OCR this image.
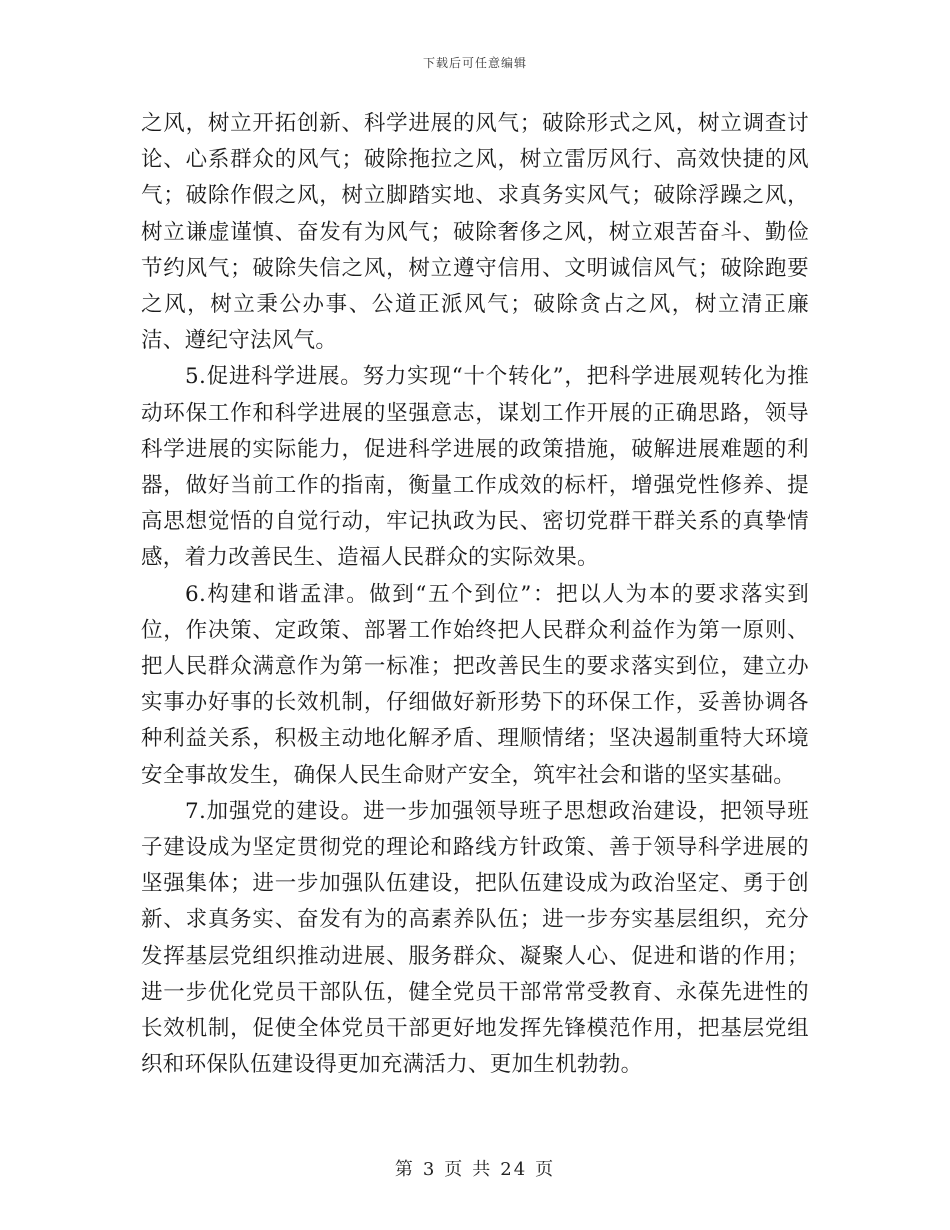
下载后可任意编辑

之风，树立开拓创新、科学进展的风气；破除形式之风，树立调查讨论、心系群众的风气；破除拖拉之风，树立雷厉风行、高效快捷的风气；破除作假之风，树立脚踏实地、求真务实风气；破除浮躁之风，树立谦虚谨慎、奋发有为风气；破除奢侈之风，树立艰苦奋斗、勤俭节约风气；破除失信之风，树立遵守信用、文明诚信风气；破除跑要之风，树立秉公办事、公道正派风气；破除贪占之风，树立清正廉洁、遵纪守法风气。

5.促进科学进展。努力实现“十个转化”，把科学进展观转化为推动环保工作和科学进展的坚强意志，谋划工作开展的正确思路，领导科学进展的实际能力，促进科学进展的政策措施，破解进展难题的利器，做好当前工作的指南，衡量工作成效的标杆，增强党性修养、提高思想觉悟的自觉行动，牢记执政为民、密切党群干群关系的真挚情感，着力改善民生、造福人民群众的实际效果。

6.构建和谐孟津。做到“五个到位”：把以人为本的要求落实到位，作决策、定政策、部署工作始终把人民群众利益作为第一原则、把人民群众满意作为第一标准；把改善民生的要求落实到位，建立办实事办好事的长效机制，仔细做好新形势下的环保工作，妥善协调各种利益关系，积极主动地化解矛盾、理顺情绪；坚决遏制重特大环境安全事故发生，确保人民生命财产安全，筑牢社会和谐的坚实基础。

7.加强党的建设。进一步加强领导班子思想政治建设，把领导班子建设成为坚定贯彻党的理论和路线方针政策、善于领导科学进展的坚强集体；进一步加强队伍建设，把队伍建设成为政治坚定、勇于创新、求真务实、奋发有为的高素养队伍；进一步夯实基层组织，充分发挥基层党组织推动进展、服务群众、凝聚人心、促进和谐的作用；进一步优化党员干部队伍，健全党员干部常常受教育、永葆先进性的长效机制，促使全体党员干部更好地发挥先锋模范作用，把基层党组织和环保队伍建设得更加充满活力、更加生机勃勃。

第 3 页 共 24 页
